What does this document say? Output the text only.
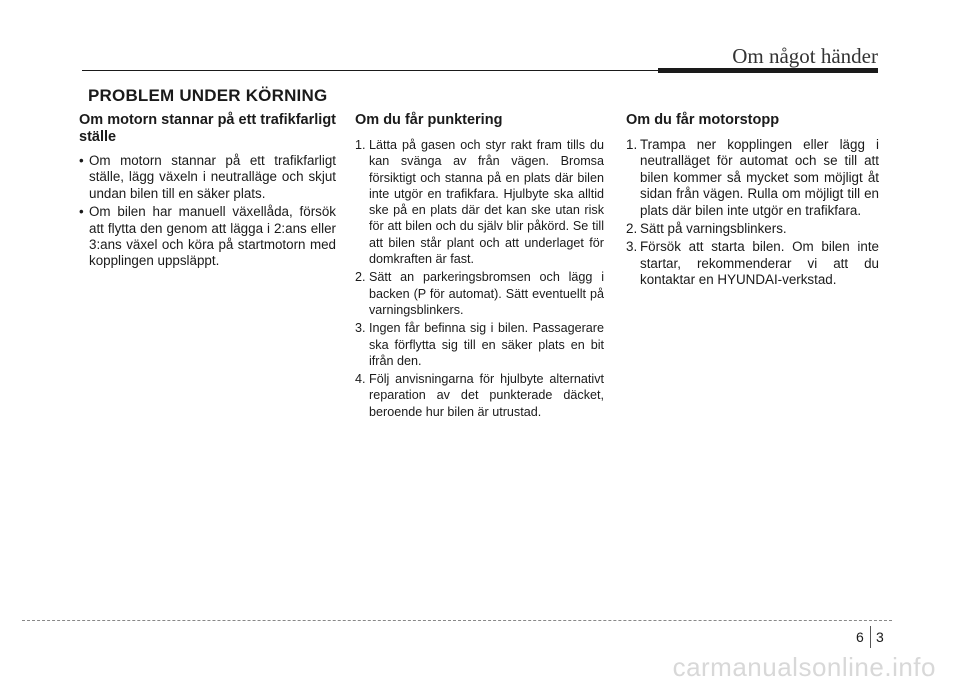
Om något händer
PROBLEM UNDER KÖRNING
Om motorn stannar på ett trafikfarligt ställe
• Om motorn stannar på ett trafikfarligt ställe, lägg växeln i neutralläge och skjut undan bilen till en säker plats.
• Om bilen har manuell växellåda, försök att flytta den genom att lägga i 2:ans eller 3:ans växel och köra på startmotorn med kopplingen uppsläppt.
Om du får punktering
1. Lätta på gasen och styr rakt fram tills du kan svänga av från vägen. Bromsa försiktigt och stanna på en plats där bilen inte utgör en trafikfara. Hjulbyte ska alltid ske på en plats där det kan ske utan risk för att bilen och du själv blir påkörd. Se till att bilen står plant och att underlaget för domkraften är fast.
2. Sätt an parkeringsbromsen och lägg i backen (P för automat). Sätt eventuellt på varningsblinkers.
3. Ingen får befinna sig i bilen. Passagerare ska förflytta sig till en säker plats en bit ifrån den.
4. Följ anvisningarna för hjulbyte alternativt reparation av det punkterade däcket, beroende hur bilen är utrustad.
Om du får motorstopp
1. Trampa ner kopplingen eller lägg i neutralläget för automat och se till att bilen kommer så mycket som möjligt åt sidan från vägen. Rulla om möjligt till en plats där bilen inte utgör en trafikfara.
2. Sätt på varningsblinkers.
3. Försök att starta bilen. Om bilen inte startar, rekommenderar vi att du kontaktar en HYUNDAI-verkstad.
6 3
carmanualsonline.info
